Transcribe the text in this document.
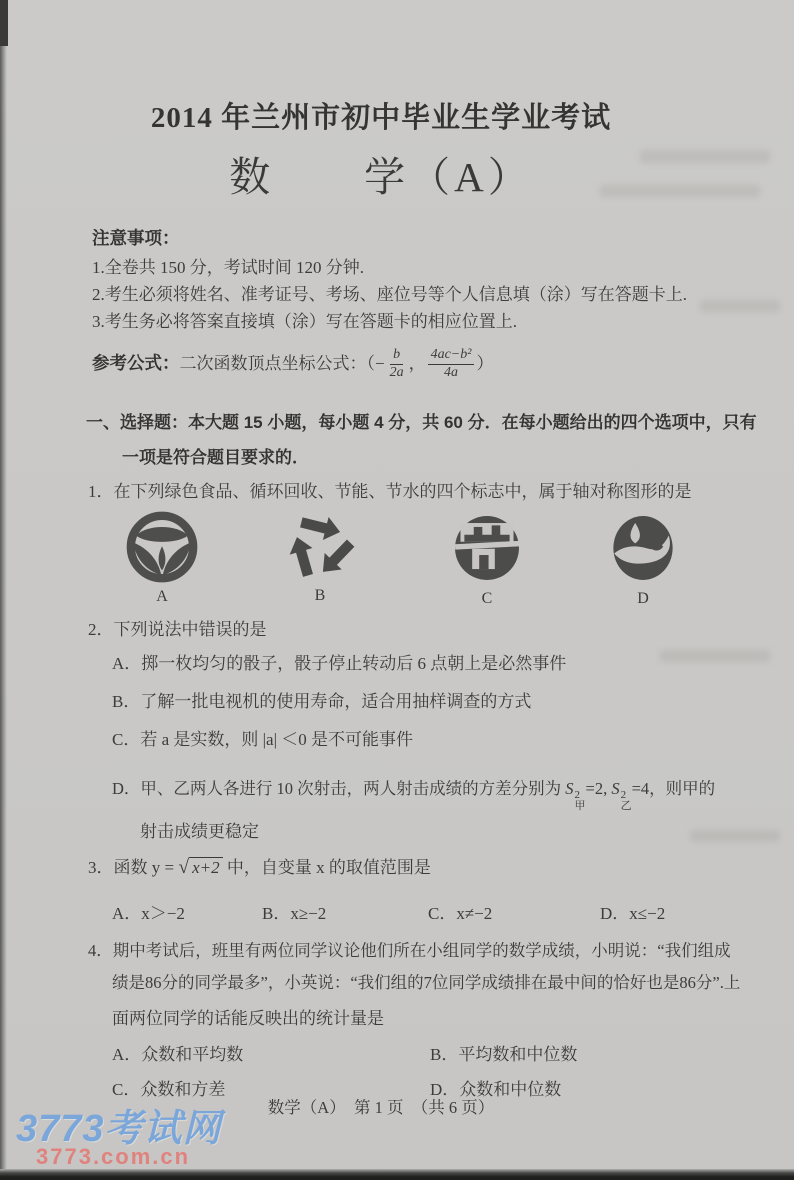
2014 年兰州市初中毕业生学业考试
数　　学（A）
注意事项：
1.全卷共 150 分，考试时间 120 分钟.
2.考生必须将姓名、准考证号、考场、座位号等个人信息填（涂）写在答题卡上.
3.考生务必将答案直接填（涂）写在答题卡的相应位置上.
参考公式： 二次函数顶点坐标公式：（ − $\frac{b}{2a}$ ， $\frac{\text{4ac−b²}}{4a}$ ）
一、选择题：本大题 15 小题，每小题 4 分，共 60 分．在每小题给出的四个选项中，只有
一项是符合题目要求的．
1．在下列绿色食品、循环回收、节能、节水的四个标志中，属于轴对称图形的是
A	B	C	D
2．下列说法中错误的是
A．掷一枚均匀的骰子，骰子停止转动后 6 点朝上是必然事件
B．了解一批电视机的使用寿命，适合用抽样调查的方式
C．若 a 是实数，则 |a| ＜0 是不可能事件
D．甲、乙两人各进行 10 次射击，两人射击成绩的方差分别为 S 2
甲
=2, S 2
乙
=4，则甲的
射击成绩更稳定
3．函数 y = √ x+2 中，自变量 x 的取值范围是
A．x＞−2	B．x≥−2	C．x≠−2	D．x≤−2
4．期中考试后，班里有两位同学议论他们所在小组同学的数学成绩，小明说：“我们组成
绩是86分的同学最多”，小英说：“我们组的7位同学成绩排在最中间的恰好也是86分”.上
面两位同学的话能反映出的统计量是
A．众数和平均数	B．平均数和中位数
C．众数和方差	D．众数和中位数
数学（A）　第 1 页　（共 6 页）
3773考试网
3773.com.cn
